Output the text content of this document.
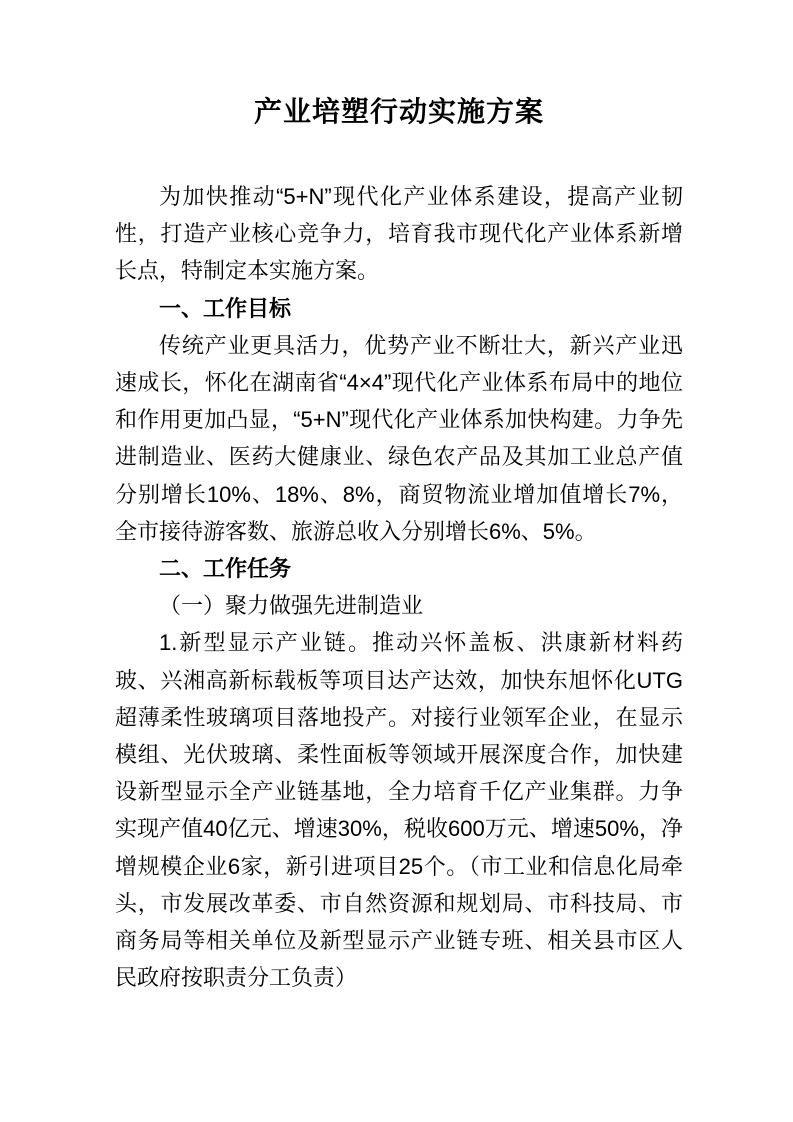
产业培塑行动实施方案

为加快推动“5+N”现代化产业体系建设，提高产业韧性，打造产业核心竞争力，培育我市现代化产业体系新增长点，特制定本实施方案。

一、工作目标

传统产业更具活力，优势产业不断壮大，新兴产业迅速成长，怀化在湖南省“4×4”现代化产业体系布局中的地位和作用更加凸显，“5+N”现代化产业体系加快构建。力争先进制造业、医药大健康业、绿色农产品及其加工业总产值分别增长10%、18%、8%，商贸物流业增加值增长7%，全市接待游客数、旅游总收入分别增长6%、5%。

二、工作任务

（一）聚力做强先进制造业

1.新型显示产业链。推动兴怀盖板、洪康新材料药玻、兴湘高新标载板等项目达产达效，加快东旭怀化UTG超薄柔性玻璃项目落地投产。对接行业领军企业，在显示模组、光伏玻璃、柔性面板等领域开展深度合作，加快建设新型显示全产业链基地，全力培育千亿产业集群。力争实现产值40亿元、增速30%，税收600万元、增速50%，净增规模企业6家，新引进项目25个。（市工业和信息化局牵头，市发展改革委、市自然资源和规划局、市科技局、市商务局等相关单位及新型显示产业链专班、相关县市区人民政府按职责分工负责）
